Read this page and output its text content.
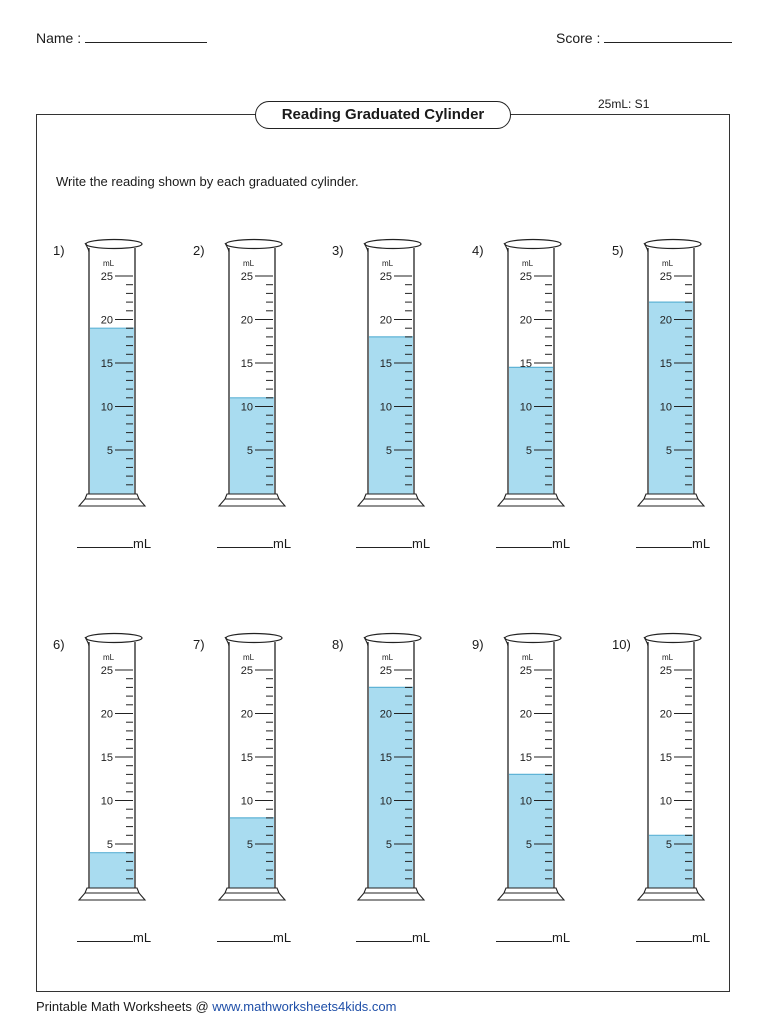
Name :	Score :
25mL: S1
Reading Graduated Cylinder
Write the reading shown by each graduated cylinder.
mL
25
20
15
10
5
1)
mL
mL
25
20
15
10
5
2)
mL
mL
25
20
15
10
5
3)
mL
mL
25
20
15
10
5
4)
mL
mL
25
20
15
10
5
5)
mL
mL
25
20
15
10
5
6)
mL
mL
25
20
15
10
5
7)
mL
mL
25
20
15
10
5
8)
mL
mL
25
20
15
10
5
9)
mL
mL
25
20
15
10
5
10)
mL
Printable Math Worksheets @ www.mathworksheets4kids.com
